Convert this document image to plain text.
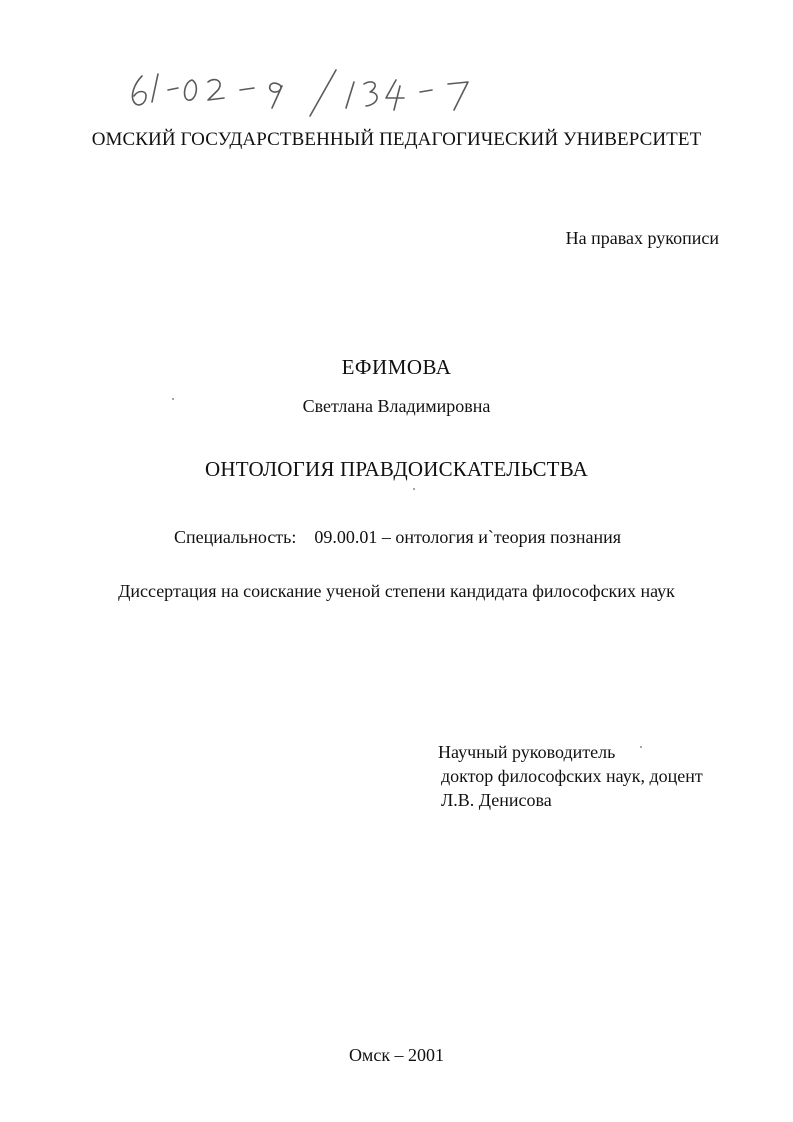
ОМСКИЙ ГОСУДАРСТВЕННЫЙ ПЕДАГОГИЧЕСКИЙ УНИВЕРСИТЕТ
На правах рукописи
ЕФИМОВА
Светлана Владимировна
ОНТОЛОГИЯ ПРАВДОИСКАТЕЛЬСТВА
Специальность: 09.00.01 – онтология и`теория познания
Диссертация на соискание ученой степени кандидата философских наук
Научный руководитель
доктор философских наук, доцент
Л.В. Денисова
Омск – 2001
